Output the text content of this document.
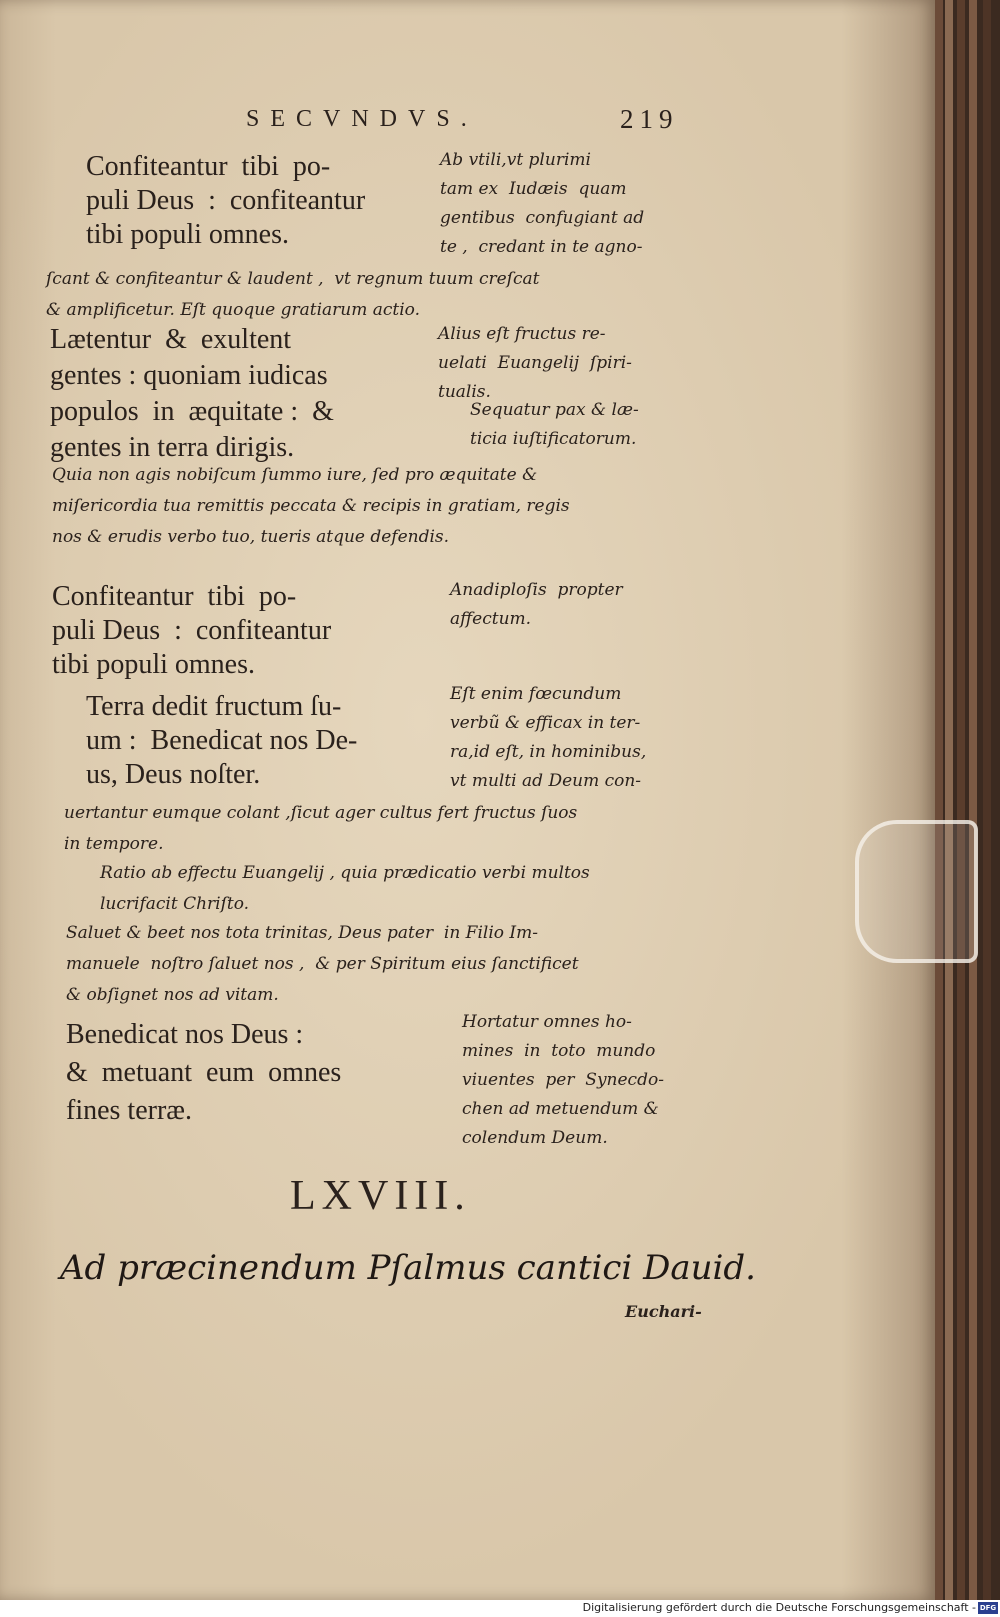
SECVNDVS.	219
Confiteantur  tibi  po-
puli Deus  :  confiteantur
tibi populi omnes.
Ab vtili,vt plurimi
tam ex  Iudæis  quam
gentibus  confugiant ad
te ,  credant in te agno-
ſcant & confiteantur & laudent ,  vt regnum tuum creſcat
& amplificetur. Eſt quoque gratiarum actio.
Lætentur  &  exultent
gentes : quoniam iudicas
populos  in  æquitate :  &
gentes in terra dirigis.
Alius eſt fructus re-
uelati  Euangelij  ſpiri-
tualis.
Sequatur pax & læ-
ticia iuſtificatorum.
Quia non agis nobiſcum ſummo iure, ſed pro æquitate &
miſericordia tua remittis peccata & recipis in gratiam, regis
nos & erudis verbo tuo, tueris atque defendis.
Confiteantur  tibi  po-
puli Deus  :  confiteantur
tibi populi omnes.
Anadiploſis  propter
affectum.
Terra dedit fructum ſu-
um :  Benedicat nos De-
us, Deus noſter.
Eſt enim fœcundum
verbũ & efficax in ter-
ra,id eſt, in hominibus,
vt multi ad Deum con-
uertantur eumque colant ,ſicut ager cultus fert fructus ſuos
in tempore.
Ratio ab effectu Euangelij , quia prædicatio verbi multos
lucrifacit Chriſto.
Saluet & beet nos tota trinitas, Deus pater  in Filio Im-
manuele  noſtro ſaluet nos ,  & per Spiritum eius ſanctificet
& obſignet nos ad vitam.
Benedicat nos Deus :
&  metuant  eum  omnes
fines terræ.
Hortatur omnes ho-
mines  in  toto  mundo
viuentes  per  Synecdo-
chen ad metuendum &
colendum Deum.
LXVIII.
Ad præcinendum Pſalmus cantici Dauid.
Euchari-
Digitalisierung gefördert durch die Deutsche Forschungsgemeinschaft - DFG
